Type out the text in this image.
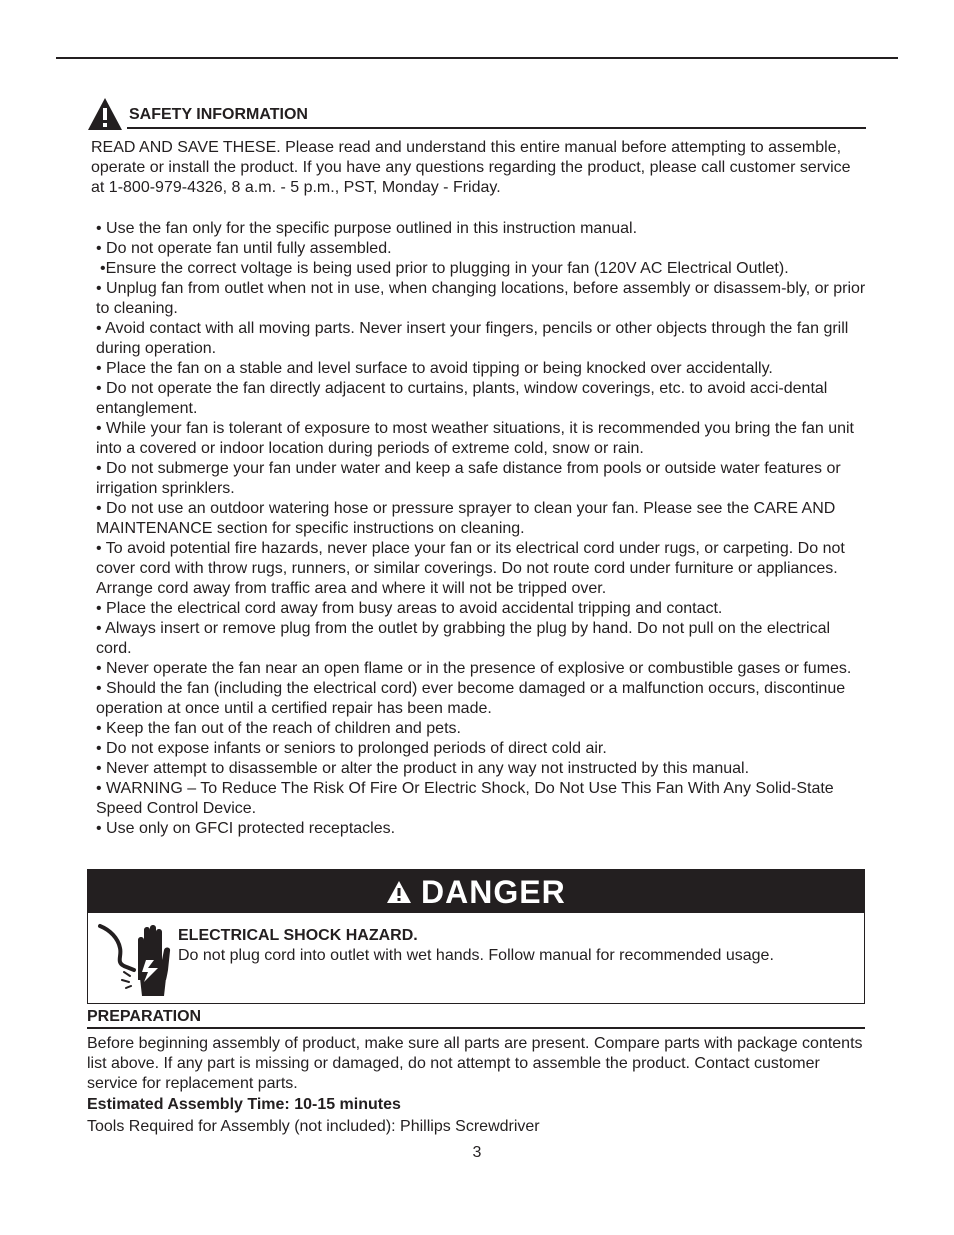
SAFETY INFORMATION
READ AND SAVE THESE. Please read and understand this entire manual before attempting to assemble, operate or install the product. If you have any questions regarding the product, please call customer service at 1-800-979-4326, 8 a.m. - 5 p.m., PST, Monday - Friday.
• Use the fan only for the specific purpose outlined in this instruction manual.
• Do not operate fan until fully assembled.
•Ensure the correct voltage is being used prior to plugging in your fan (120V AC Electrical Outlet).
• Unplug fan from outlet when not in use, when changing locations, before assembly or disassem-bly, or prior to cleaning.
• Avoid contact with all moving parts. Never insert your fingers, pencils or other objects through the fan grill during operation.
• Place the fan on a stable and level surface to avoid tipping or being knocked over accidentally.
• Do not operate the fan directly adjacent to curtains, plants, window coverings, etc. to avoid acci-dental entanglement.
• While your fan is tolerant of exposure to most weather situations, it is recommended you bring the fan unit into a covered or indoor location during periods of extreme cold, snow or rain.
• Do not submerge your fan under water and keep a safe distance from pools or outside water features or irrigation sprinklers.
• Do not use an outdoor watering hose or pressure sprayer to clean your fan. Please see the CARE AND MAINTENANCE section for specific instructions on cleaning.
• To avoid potential fire hazards, never place your fan or its electrical cord under rugs, or carpeting. Do not cover cord with throw rugs, runners, or similar coverings. Do not route cord under furniture or appliances. Arrange cord away from traffic area and where it will not be tripped over.
• Place the electrical cord away from busy areas to avoid accidental tripping and contact.
• Always insert or remove plug from the outlet by grabbing the plug by hand. Do not pull on the electrical cord.
• Never operate the fan near an open flame or in the presence of explosive or combustible gases or fumes.
• Should the fan (including the electrical cord) ever become damaged or a malfunction occurs, discontinue operation at once until a certified repair has been made.
• Keep the fan out of the reach of children and pets.
• Do not expose infants or seniors to prolonged periods of direct cold air.
• Never attempt to disassemble or alter the product in any way not instructed by this manual.
• WARNING – To Reduce The Risk Of Fire Or Electric Shock, Do Not Use This Fan With Any Solid-State Speed Control Device.
• Use only on GFCI protected receptacles.
DANGER
ELECTRICAL SHOCK HAZARD.
Do not plug cord into outlet with wet hands. Follow manual for recommended usage.
PREPARATION
Before beginning assembly of product, make sure all parts are present. Compare parts with package contents list above. If any part is missing or damaged, do not attempt to assemble the product. Contact customer service for replacement parts.
Estimated Assembly Time: 10-15 minutes
Tools Required for Assembly (not included): Phillips Screwdriver
3
